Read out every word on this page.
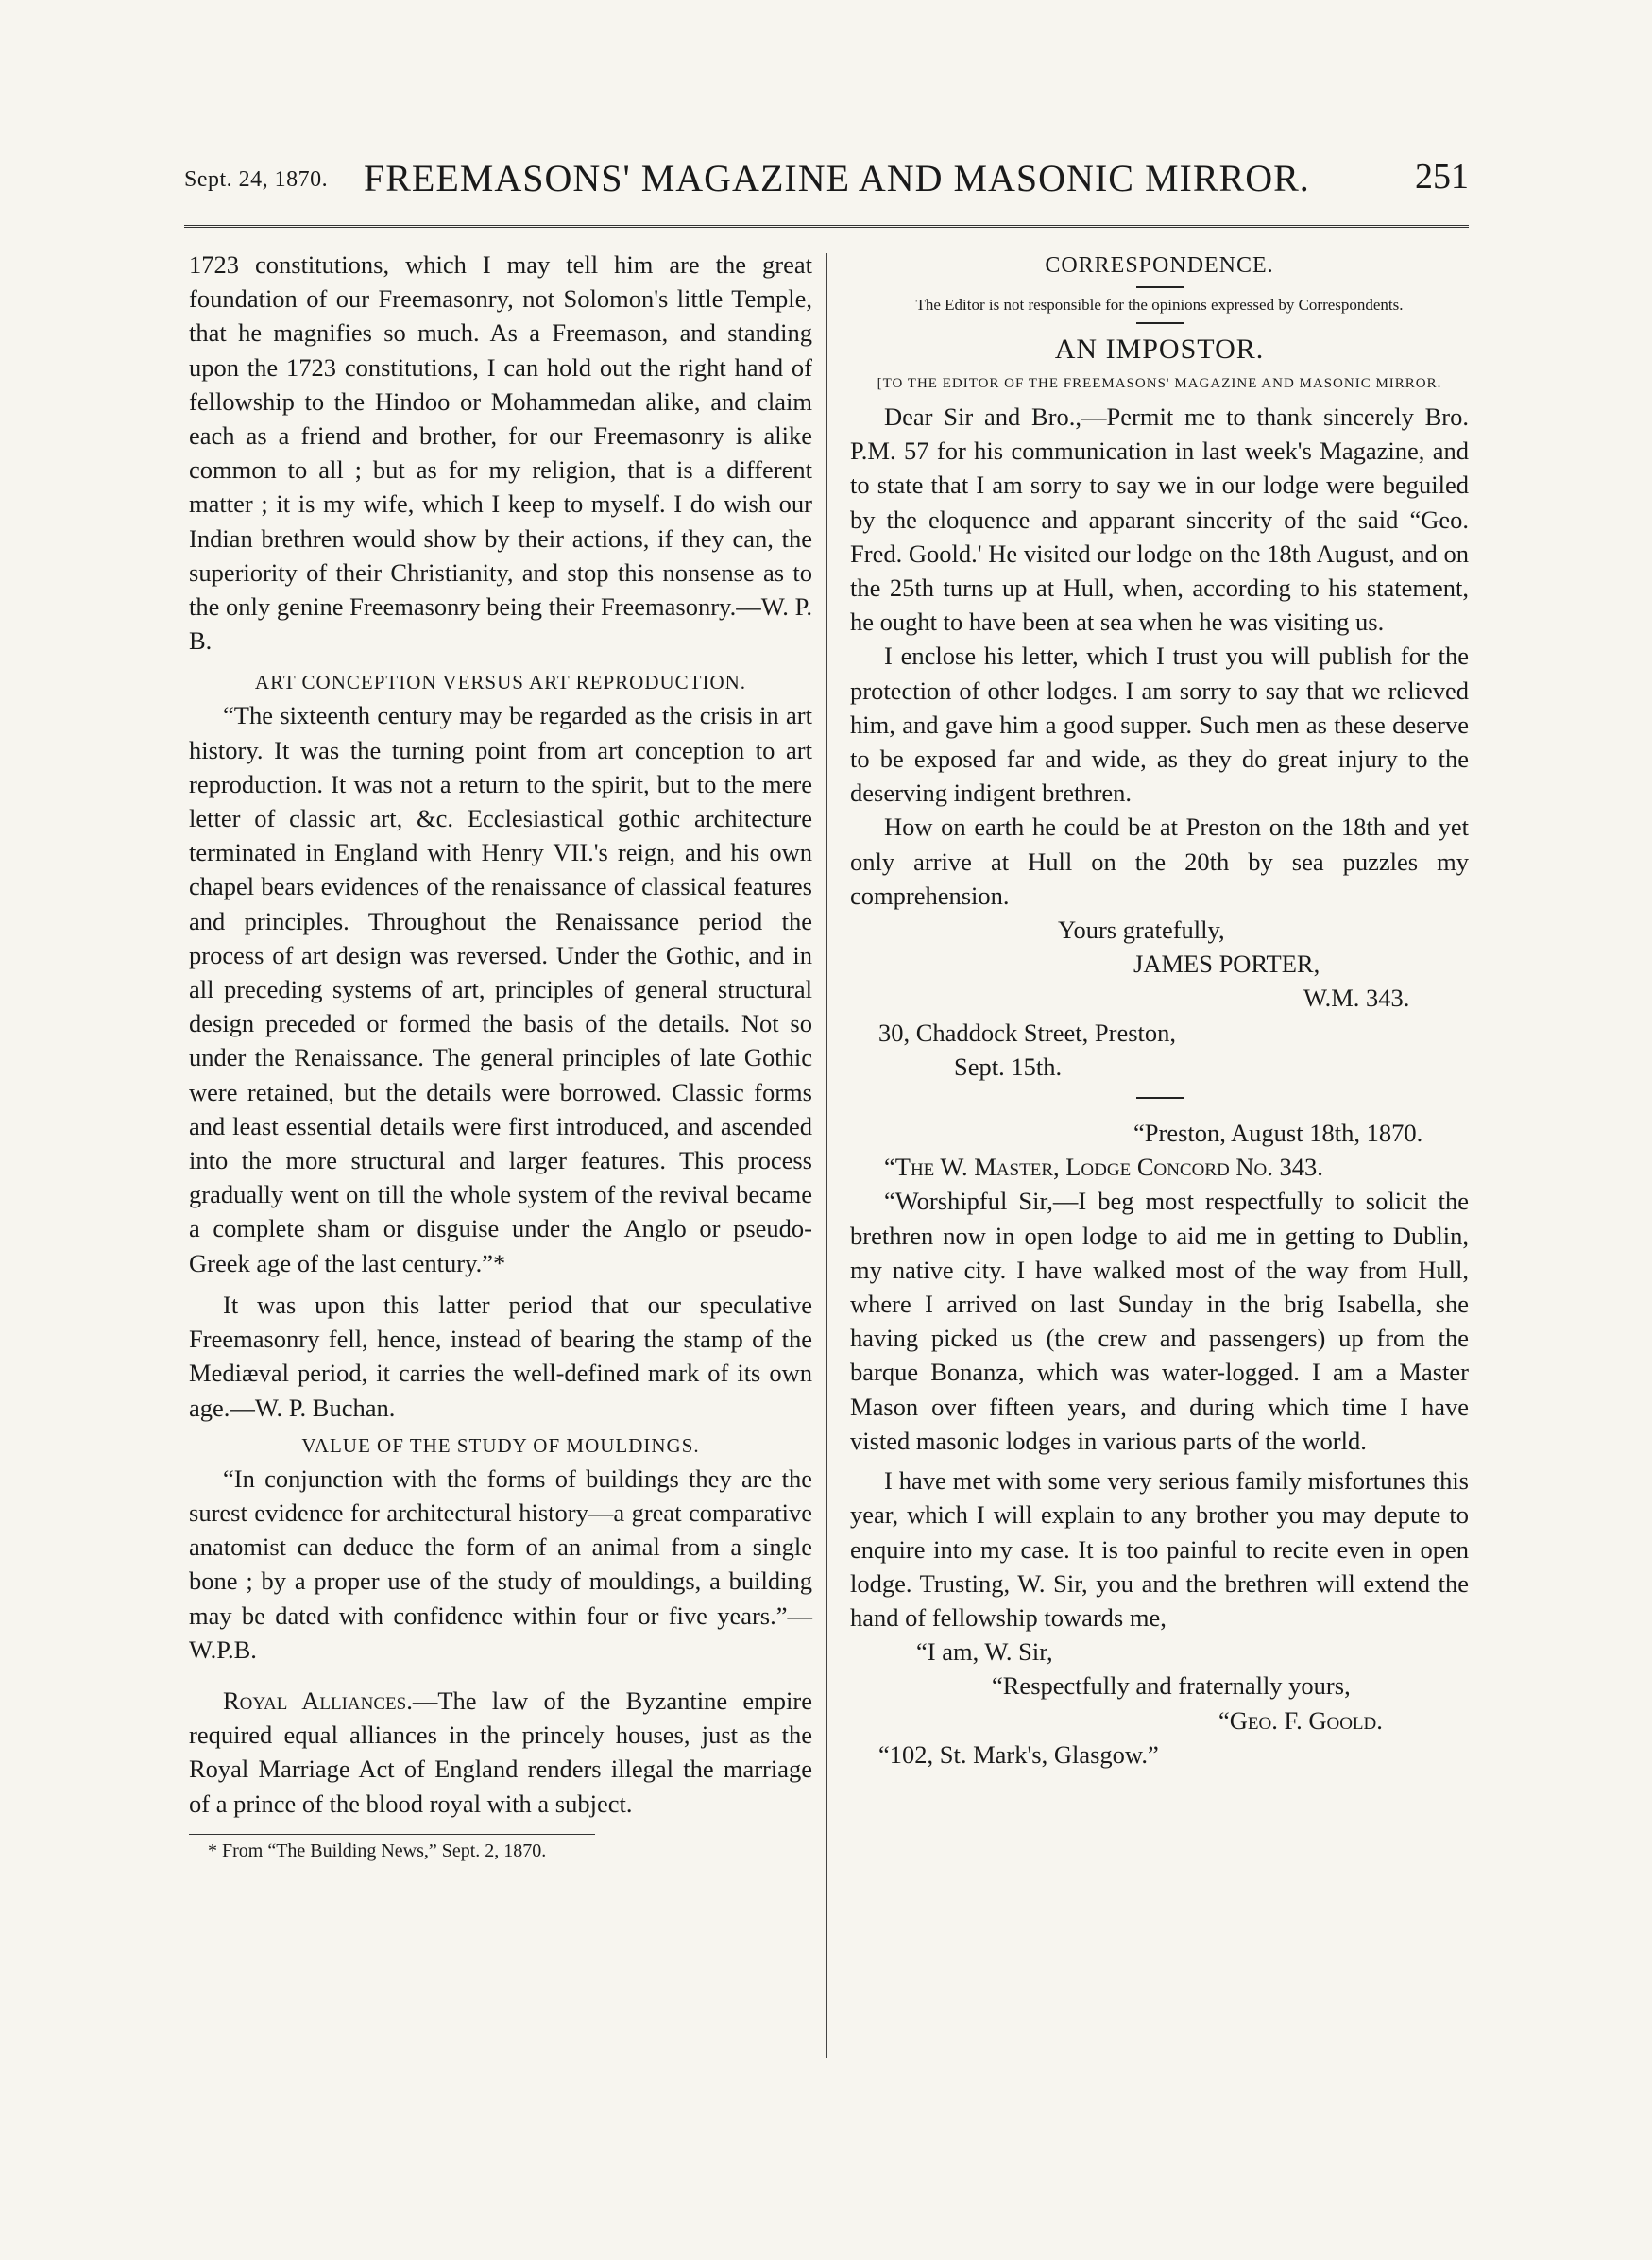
Sept. 24, 1870. FREEMASONS' MAGAZINE AND MASONIC MIRROR.	251

1723 constitutions, which I may tell him are the great foundation of our Freemasonry, not Solomon's little Temple, that he magnifies so much. As a Freemason, and standing upon the 1723 constitutions, I can hold out the right hand of fellowship to the Hindoo or Mohammedan alike, and claim each as a friend and brother, for our Freemasonry is alike common to all ; but as for my religion, that is a different matter ; it is my wife, which I keep to myself. I do wish our Indian brethren would show by their actions, if they can, the superiority of their Christianity, and stop this nonsense as to the only genine Freemasonry being their Freemasonry.—W. P. B.

ART CONCEPTION VERSUS ART REPRODUCTION.

“The sixteenth century may be regarded as the crisis in art history. It was the turning point from art conception to art reproduction. It was not a return to the spirit, but to the mere letter of classic art, &c. Ecclesiastical gothic architecture terminated in England with Henry VII.'s reign, and his own chapel bears evidences of the renaissance of classical features and principles. Throughout the Renaissance period the process of art design was reversed. Under the Gothic, and in all preceding systems of art, principles of general structural design preceded or formed the basis of the details. Not so under the Renaissance. The general principles of late Gothic were retained, but the details were borrowed. Classic forms and least essential details were first introduced, and ascended into the more structural and larger features. This process gradually went on till the whole system of the revival became a complete sham or disguise under the Anglo or pseudo-Greek age of the last century.”*

It was upon this latter period that our speculative Freemasonry fell, hence, instead of bearing the stamp of the Mediæval period, it carries the well-defined mark of its own age.—W. P. Buchan.

VALUE OF THE STUDY OF MOULDINGS.

“In conjunction with the forms of buildings they are the surest evidence for architectural history—a great comparative anatomist can deduce the form of an animal from a single bone ; by a proper use of the study of mouldings, a building may be dated with confidence within four or five years.”—W.P.B.

Royal Alliances.—The law of the Byzantine empire required equal alliances in the princely houses, just as the Royal Marriage Act of England renders illegal the marriage of a prince of the blood royal with a subject.

* From “The Building News,” Sept. 2, 1870.
CORRESPONDENCE.
The Editor is not responsible for the opinions expressed by Correspondents.
AN IMPOSTOR.
[TO THE EDITOR OF THE FREEMASONS' MAGAZINE AND MASONIC MIRROR.

Dear Sir and Bro.,—Permit me to thank sincerely Bro. P.M. 57 for his communication in last week's Magazine, and to state that I am sorry to say we in our lodge were beguiled by the eloquence and apparant sincerity of the said “Geo. Fred. Goold.' He visited our lodge on the 18th August, and on the 25th turns up at Hull, when, according to his statement, he ought to have been at sea when he was visiting us.

I enclose his letter, which I trust you will publish for the protection of other lodges. I am sorry to say that we relieved him, and gave him a good supper. Such men as these deserve to be exposed far and wide, as they do great injury to the deserving indigent brethren.

How on earth he could be at Preston on the 18th and yet only arrive at Hull on the 20th by sea puzzles my comprehension.

Yours gratefully,
JAMES PORTER,
W.M. 343.
30, Chaddock Street, Preston,
Sept. 15th.
“Preston, August 18th, 1870.
“The W. Master, Lodge Concord No. 343.

“Worshipful Sir,—I beg most respectfully to solicit the brethren now in open lodge to aid me in getting to Dublin, my native city. I have walked most of the way from Hull, where I arrived on last Sunday in the brig Isabella, she having picked us (the crew and passengers) up from the barque Bonanza, which was water-logged. I am a Master Mason over fifteen years, and during which time I have visted masonic lodges in various parts of the world.

I have met with some very serious family misfortunes this year, which I will explain to any brother you may depute to enquire into my case. It is too painful to recite even in open lodge. Trusting, W. Sir, you and the brethren will extend the hand of fellowship towards me,

“I am, W. Sir,
“Respectfully and fraternally yours,
“Geo. F. Goold.
“102, St. Mark's, Glasgow.”
